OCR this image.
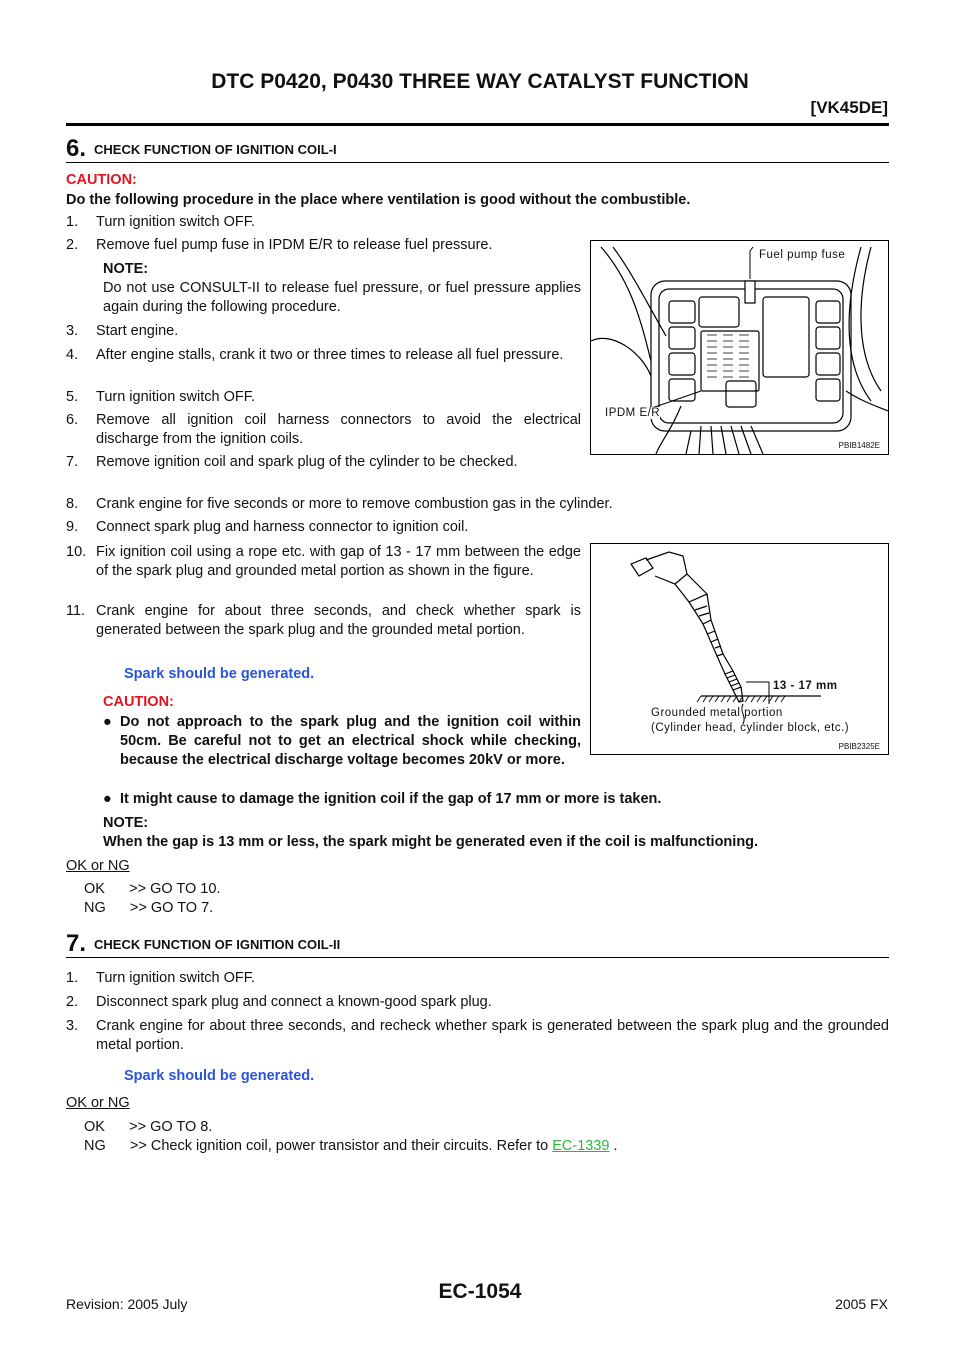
DTC P0420, P0430 THREE WAY CATALYST FUNCTION
[VK45DE]
6. CHECK FUNCTION OF IGNITION COIL-I
CAUTION:
Do the following procedure in the place where ventilation is good without the combustible.
1.	Turn ignition switch OFF.
2.	Remove fuel pump fuse in IPDM E/R to release fuel pressure.
NOTE:
Do not use CONSULT-II to release fuel pressure, or fuel pressure applies again during the following procedure.
3.	Start engine.
4.	After engine stalls, crank it two or three times to release all fuel pressure.
5.	Turn ignition switch OFF.
6.	Remove all ignition coil harness connectors to avoid the electrical discharge from the ignition coils.
7.	Remove ignition coil and spark plug of the cylinder to be checked.
8.	Crank engine for five seconds or more to remove combustion gas in the cylinder.
9.	Connect spark plug and harness connector to ignition coil.
10. Fix ignition coil using a rope etc. with gap of 13 - 17 mm between the edge of the spark plug and grounded metal portion as shown in the figure.
11. Crank engine for about three seconds, and check whether spark is generated between the spark plug and the grounded metal portion.
Spark should be generated.
CAUTION:
● Do not approach to the spark plug and the ignition coil within 50cm. Be careful not to get an electrical shock while checking, because the electrical discharge voltage becomes 20kV or more.
● It might cause to damage the ignition coil if the gap of 17 mm or more is taken.
NOTE:
When the gap is 13 mm or less, the spark might be generated even if the coil is malfunctioning.
OK or NG
OK      >> GO TO 10.
NG      >> GO TO 7.
Fuel pump fuse
IPDM E/R
PBIB1482E
13 - 17 mm
Grounded metal portion
(Cylinder head, cylinder block, etc.)
PBIB2325E
7. CHECK FUNCTION OF IGNITION COIL-II
1.	Turn ignition switch OFF.
2.	Disconnect spark plug and connect a known-good spark plug.
3.	Crank engine for about three seconds, and recheck whether spark is generated between the spark plug and the grounded metal portion.
Spark should be generated.
OK or NG
OK      >> GO TO 8.
NG      >> Check ignition coil, power transistor and their circuits. Refer to EC-1339 .
Revision: 2005 July
EC-1054
2005 FX
